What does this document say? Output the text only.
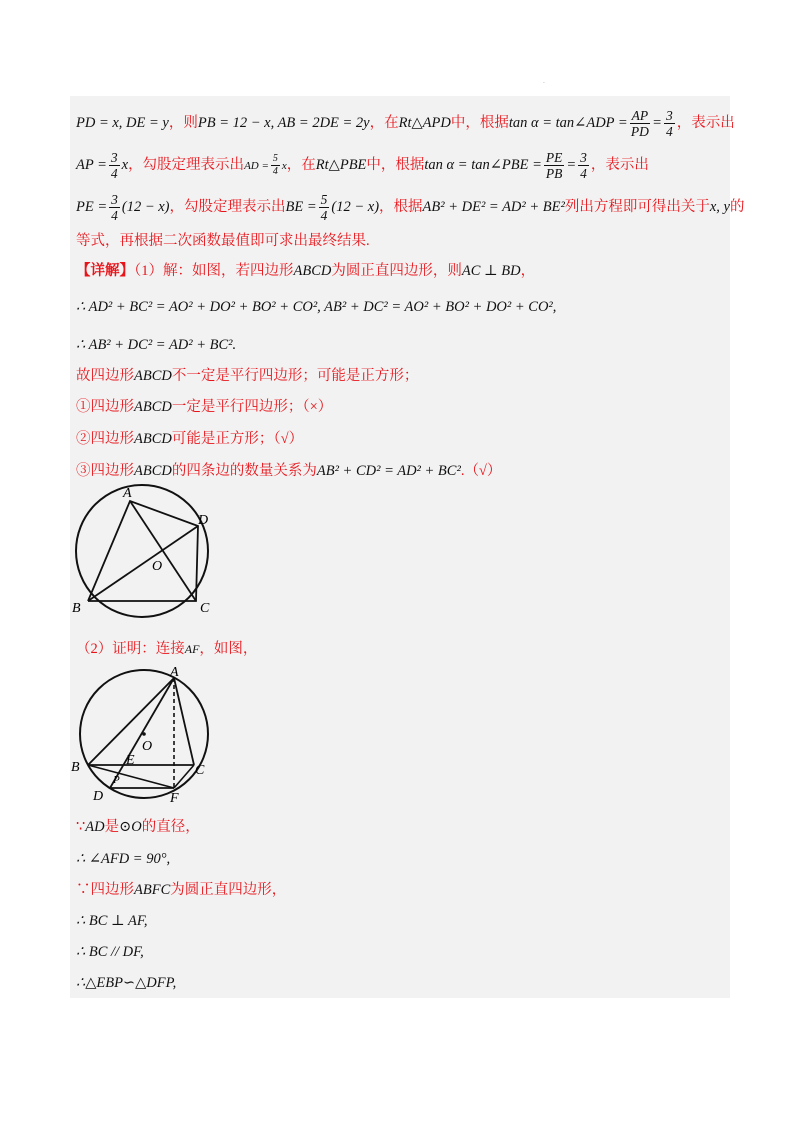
·
PD = x, DE = y，则PB = 12 − x, AB = 2DE = 2y，在Rt△APD中，根据tan α = tan∠ADP = $\frac{AP}{PD} = \frac{3}{4}$ ，表示出
AP = $\frac{3}{4}$ x，勾股定理表示出AD = $\frac{5}{4}$ x，在Rt△PBE中，根据tan α = tan∠PBE = $\frac{PE}{PB} = \frac{3}{4}$ ，表示出
PE = $\frac{3}{4} (12 - x)$，勾股定理表示出BE = $\frac{5}{4} (12 - x)$，根据AB² + DE² = AD² + BE²列出方程即可得出关于x, y的
等式，再根据二次函数最值即可求出最终结果.
【详解】（1）解：如图，若四边形ABCD为圆正直四边形，则AC ⊥ BD，
∴ AD² + BC² = AO² + DO² + BO² + CO², AB² + DC² = AO² + BO² + DO² + CO²,
∴ AB² + DC² = AD² + BC².
故四边形ABCD不一定是平行四边形；可能是正方形；
①四边形ABCD一定是平行四边形；（×）
②四边形ABCD可能是正方形；（√）
③四边形ABCD的四条边的数量关系为AB² + CD² = AD² + BC².（√）
A
D
C
B
O
（2）证明：连接AF，如图，
A
B	C
D	F
O
E
P
∵AD是⊙O的直径，
∴ ∠AFD = 90°,
∵四边形ABFC为圆正直四边形，
∴ BC ⊥ AF,
∴ BC // DF,
∴△EBP∽△DFP,
